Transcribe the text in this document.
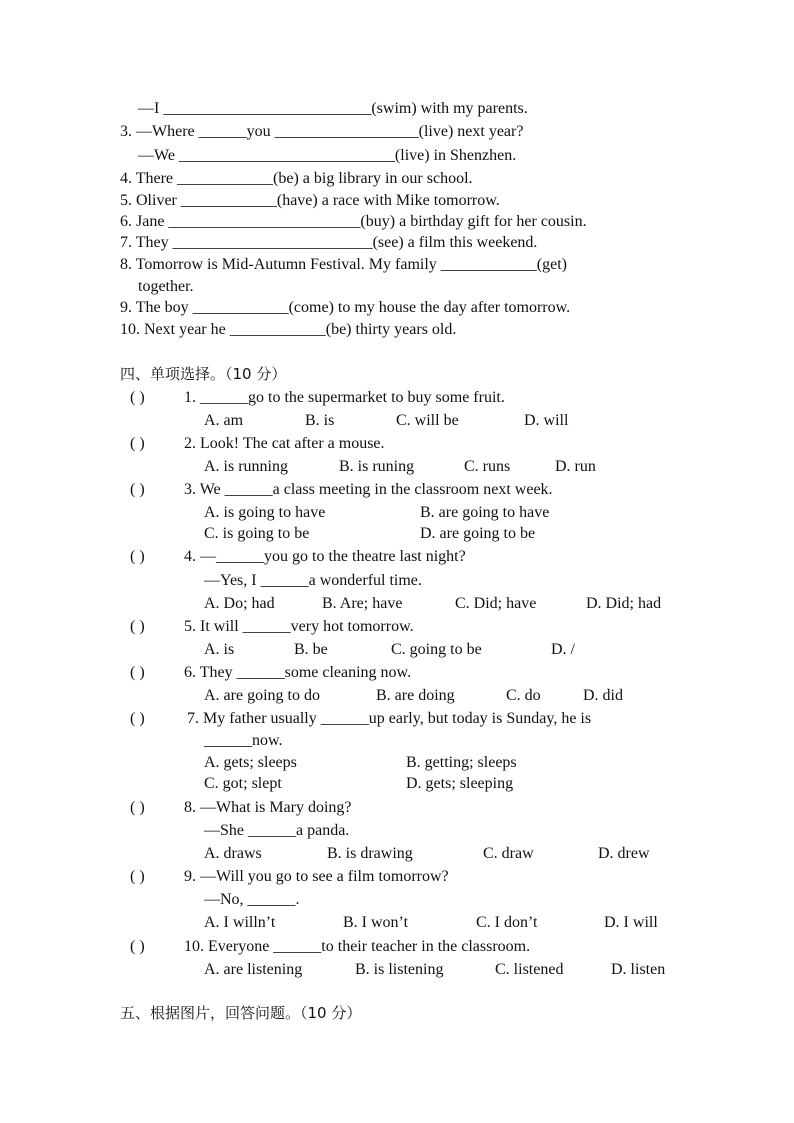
—I __________________________(swim) with my parents.
3. —Where ______you __________________(live) next year?
—We ___________________________(live) in Shenzhen.
4. There ____________(be) a big library in our school.
5. Oliver ____________(have) a race with Mike tomorrow.
6. Jane ________________________(buy) a birthday gift for her cousin.
7. They _________________________(see) a film this weekend.
8. Tomorrow is Mid-Autumn Festival. My family ____________(get)
together.
9. The boy ____________(come) to my house the day after tomorrow.
10. Next year he ____________(be) thirty years old.
四、单项选择。（10 分）
( ) 1. ______go to the supermarket to buy some fruit.
A. am	B. is	C. will be	D. will
( ) 2. Look! The cat after a mouse.
A. is running	B. is runing	C. runs	D. run
( ) 3. We ______a class meeting in the classroom next week.
A. is going to have	B. are going to have
C. is going to be	D. are going to be
( ) 4. —______you go to the theatre last night?
—Yes, I ______a wonderful time.
A. Do; had	B. Are; have	C. Did; have	D. Did; had
( ) 5. It will ______very hot tomorrow.
A. is	B. be	C. going to be	D. /
( ) 6. They ______some cleaning now.
A. are going to do	B. are doing	C. do	D. did
( )	7. My father usually ______up early, but today is Sunday, he is
______now.
A. gets; sleeps	B. getting; sleeps
C. got; slept	D. gets; sleeping
( ) 8. —What is Mary doing?
—She ______a panda.
A. draws	B. is drawing	C. draw	D. drew
( ) 9. —Will you go to see a film tomorrow?
—No, ______.
A. I willn’t	B. I won’t	C. I don’t	D. I will
( ) 10. Everyone ______to their teacher in the classroom.
A. are listening	B. is listening	C. listened	D. listen
五、根据图片，回答问题。（10 分）
